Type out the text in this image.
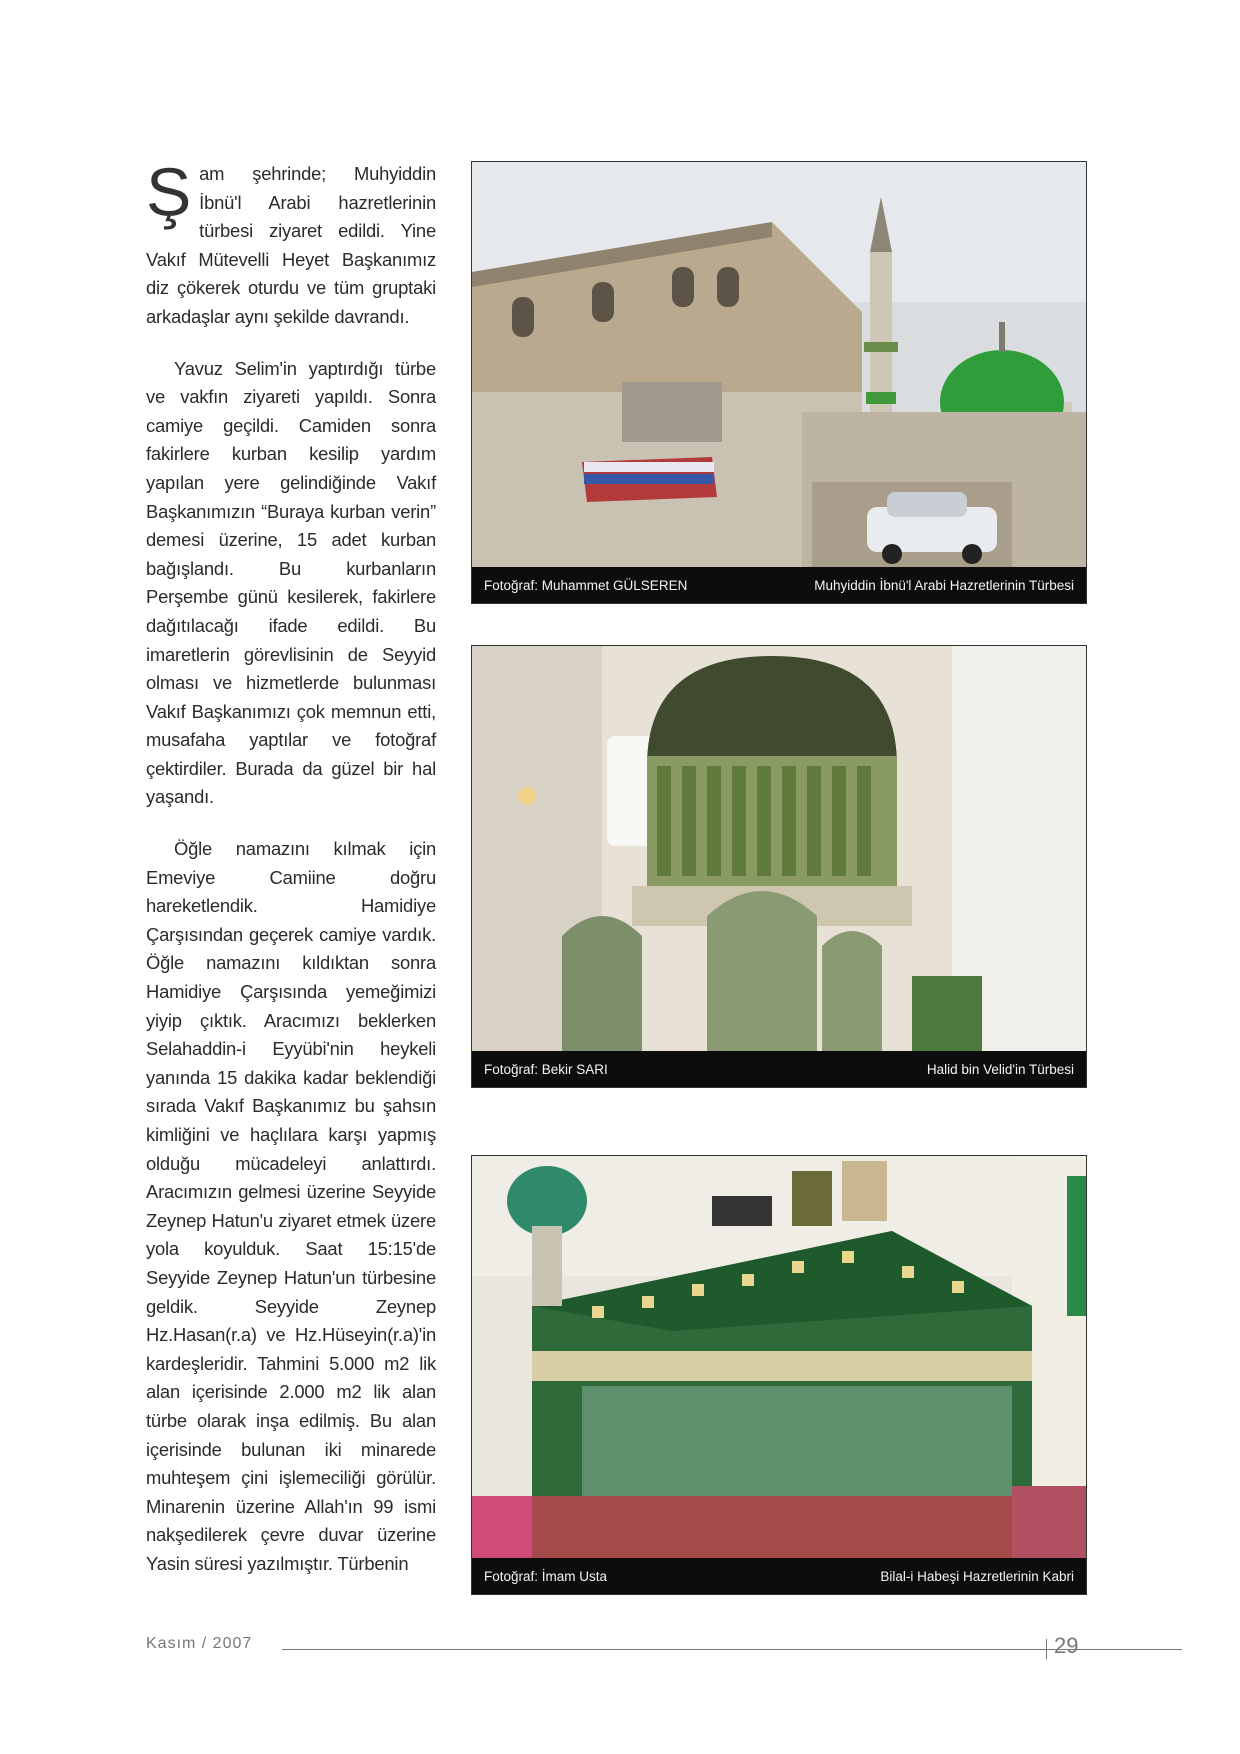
Şam şehrinde; Muhyiddin İbnü'l Arabi hazretlerinin türbesi ziyaret edildi. Yine Vakıf Mütevelli Heyet Başkanımız diz çökerek oturdu ve tüm gruptaki arkadaşlar aynı şekilde davrandı.

Yavuz Selim'in yaptırdığı türbe ve vakfın ziyareti yapıldı. Sonra camiye geçildi. Camiden sonra fakirlere kurban kesilip yardım yapılan yere gelindiğinde Vakıf Başkanımızın “Buraya kurban verin” demesi üzerine, 15 adet kurban bağışlandı. Bu kurbanların Perşembe günü kesilerek, fakirlere dağıtılacağı ifade edildi. Bu imaretlerin görevlisinin de Seyyid olması ve hizmetlerde bulunması Vakıf Başkanımızı çok memnun etti, musafaha yaptılar ve fotoğraf çektirdiler. Burada da güzel bir hal yaşandı.

Öğle namazını kılmak için Emeviye Camiine doğru hareketlendik. Hamidiye Çarşısından geçerek camiye vardık. Öğle namazını kıldıktan sonra Hamidiye Çarşısında yemeğimizi yiyip çıktık. Aracımızı beklerken Selahaddin-i Eyyübi'nin heykeli yanında 15 dakika kadar beklendiği sırada Vakıf Başkanımız bu şahsın kimliğini ve haçlılara karşı yapmış olduğu mücadeleyi anlattırdı. Aracımızın gelmesi üzerine Seyyide Zeynep Hatun'u ziyaret etmek üzere yola koyulduk. Saat 15:15'de Seyyide Zeynep Hatun'un türbesine geldik. Seyyide Zeynep Hz.Hasan(r.a) ve Hz.Hüseyin(r.a)'in kardeşleridir. Tahmini 5.000 m2 lik alan içerisinde 2.000 m2 lik alan türbe olarak inşa edilmiş. Bu alan içerisinde bulunan iki minarede muhteşem çini işlemeciliği görülür. Minarenin üzerine Allah'ın 99 ismi nakşedilerek çevre duvar üzerine Yasin süresi yazılmıştır. Türbenin

Fotoğraf: Muhammet GÜLSEREN	Muhyiddin İbnü'l Arabi Hazretlerinin Türbesi
Fotoğraf: Bekir SARI	Halid bin Velid'in Türbesi
Fotoğraf: İmam Usta	Bilal-i Habeşi Hazretlerinin Kabri
Kasım / 2007	29
